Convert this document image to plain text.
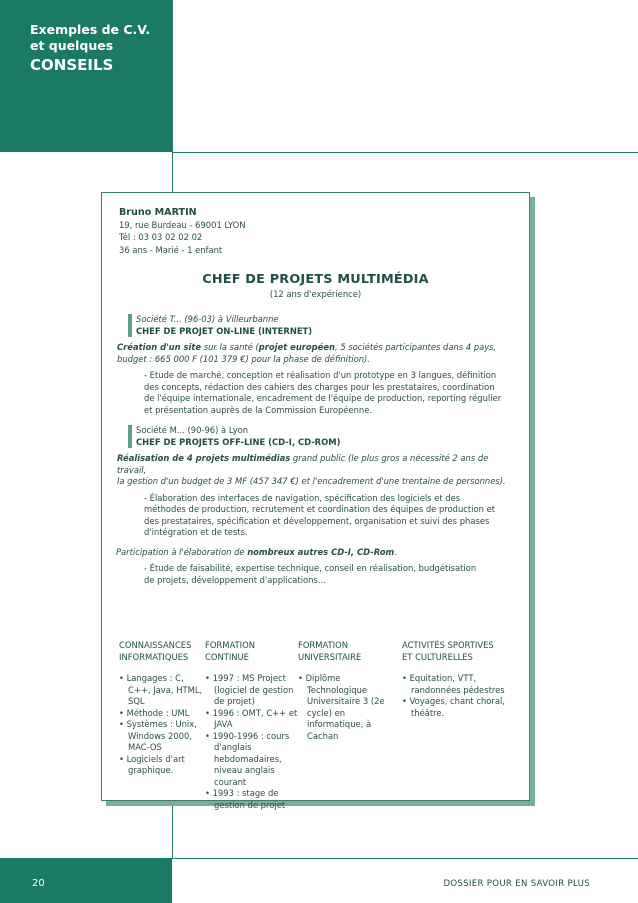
Exemples de C.V.
et quelques
CONSEILS
Bruno MARTIN
19, rue Burdeau - 69001 LYON
Tél : 03 03 02 02 02
36 ans - Marié - 1 enfant
CHEF DE PROJETS MULTIMÉDIA
(12 ans d'expérience)
Société T... (96-03) à Villeurbanne
CHEF DE PROJET ON-LINE (INTERNET)
Création d'un site sur la santé (projet européen, 5 sociétés participantes dans 4 pays,
budget : 665 000 F (101 379 €) pour la phase de définition).
- Etude de marché, conception et réalisation d'un prototype en 3 langues, définition
des concepts, rédaction des cahiers des charges pour les prestataires, coordination
de l'équipe internationale, encadrement de l'équipe de production, reporting régulier
et présentation auprès de la Commission Européenne.
Société M... (90-96) à Lyon
CHEF DE PROJETS OFF-LINE (CD-I, CD-ROM)
Réalisation de 4 projets multimédias grand public (le plus gros a nécessité 2 ans de travail,
la gestion d'un budget de 3 MF (457 347 €) et l'encadrement d'une trentaine de personnes).
- Élaboration des interfaces de navigation, spécification des logiciels et des
méthodes de production, recrutement et coordination des équipes de production et
des prestataires, spécification et développement, organisation et suivi des phases
d'intégration et de tests.
Participation à l'élaboration de nombreux autres CD-I, CD-Rom.
- Étude de faisabilité, expertise technique, conseil en réalisation, budgétisation
de projets, développement d'applications...
CONNAISSANCES
INFORMATIQUES
• Langages : C, C++, Java, HTML, SQL
• Méthode : UML
• Systèmes : Unix, Windows 2000, MAC-OS
• Logiciels d'art graphique.
FORMATION
CONTINUE
• 1997 : MS Project (logiciel de gestion de projet)
• 1996 : OMT, C++ et JAVA
• 1990-1996 : cours d'anglais hebdomadaires, niveau anglais courant
• 1993 : stage de gestion de projet
FORMATION
UNIVERSITAIRE
• Diplôme Technologique Universitaire 3 (2e cycle) en informatique, à Cachan
ACTIVITÉS SPORTIVES
ET CULTURELLES
• Equitation, VTT, randonnées pédestres
• Voyages, chant choral, théâtre.
20	DOSSIER POUR EN SAVOIR PLUS
